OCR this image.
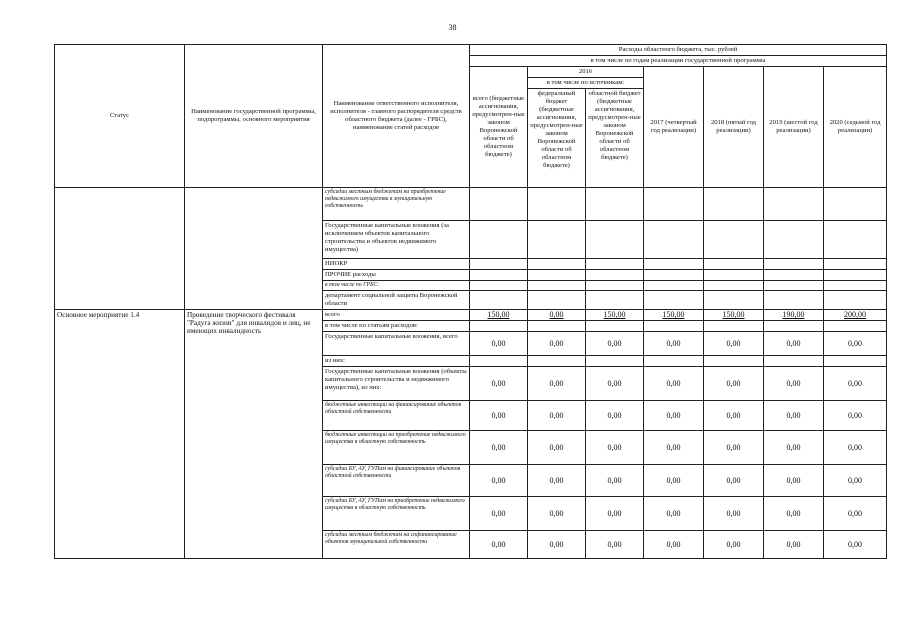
38
Статус	Наименование государственной программы, подпрограммы, основного мероприятия	Наименование ответственного исполнителя, исполнителя - главного распорядителя средств областного бюджета (далее - ГРБС), наименование статей расходов	Расходы областного бюджета, тыс. рублей						
			в том числе по годам реализации государственной программы						
			всего (бюджетные ассигнования, предусмотрен-ные законом Воронежской области об областном бюджете)	2016		2017 (четвертый год реализации)	2018 (пятый год реализации)	2019 (шестой год реализации)	2020 (седьмой год реализации)
				в том числе по источникам:					
				федеральный бюджет (бюджетные ассигнования, предусмотрен-ные законом Воронежской области об областном бюджете)	областной бюджет (бюджетные ассигнования, предусмотрен-ные законом Воронежской области об областном бюджете)				
		субсидии местным бюджетам на приобретение недвижимого имущества в муниципальную собственность							
		Государственные капитальные вложения (за исключением объектов капитального строительства и объектов недвижимого имущества)							
		НИОКР							
		ПРОЧИЕ расходы							
		в том числе по ГРБС:							
		департамент социальной защиты Воронежской области							
Основное мероприятие 1.4	Проведение творческого фестиваля "Радуга жизни" для инвалидов и лиц, не имеющих инвалидность	всего	150,00	0,00	150,00	150,00	150,00	190,00	200,00
		в том числе по статьям расходов:							
		Государственные капитальные вложения, всего	0,00	0,00	0,00	0,00	0,00	0,00	0,00
		из них:							
		Государственные капитальные вложения (объекты капитального строительства и недвижимого имущества), из них:	0,00	0,00	0,00	0,00	0,00	0,00	0,00
		бюджетные инвестиции на финансирование объектов областной собственности	0,00	0,00	0,00	0,00	0,00	0,00	0,00
		бюджетные инвестиции на приобретение недвижимого имущества в областную собственность	0,00	0,00	0,00	0,00	0,00	0,00	0,00
		субсидии БУ, АУ, ГУПам на финансирование объектов областной собственности	0,00	0,00	0,00	0,00	0,00	0,00	0,00
		субсидии БУ, АУ, ГУПам на приобретение недвижимого имущества в областную собственность	0,00	0,00	0,00	0,00	0,00	0,00	0,00
		субсидии местным бюджетам на софинансирование объектов муниципальной собственности	0,00	0,00	0,00	0,00	0,00	0,00	0,00
